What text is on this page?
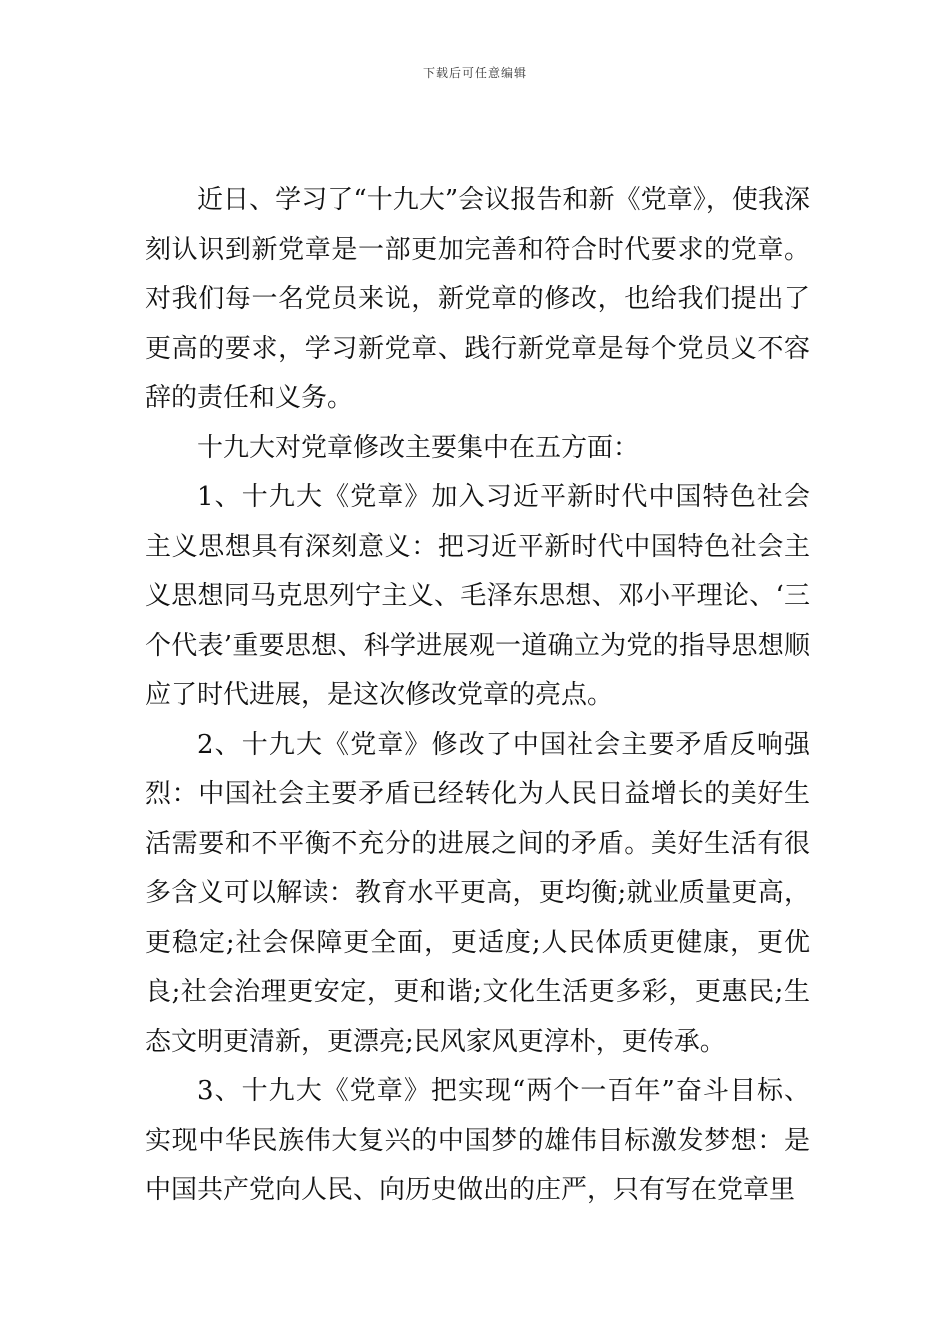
下载后可任意编辑

近日、学习了“十九大”会议报告和新《党章》，使我深刻认识到新党章是一部更加完善和符合时代要求的党章。对我们每一名党员来说，新党章的修改，也给我们提出了更高的要求，学习新党章、践行新党章是每个党员义不容辞的责任和义务。

十九大对党章修改主要集中在五方面：

1、十九大《党章》加入习近平新时代中国特色社会主义思想具有深刻意义：把习近平新时代中国特色社会主义思想同马克思列宁主义、毛泽东思想、邓小平理论、‘三个代表’重要思想、科学进展观一道确立为党的指导思想顺应了时代进展，是这次修改党章的亮点。

2、十九大《党章》修改了中国社会主要矛盾反响强烈：中国社会主要矛盾已经转化为人民日益增长的美好生活需要和不平衡不充分的进展之间的矛盾。美好生活有很多含义可以解读：教育水平更高，更均衡;就业质量更高，更稳定;社会保障更全面，更适度;人民体质更健康，更优良;社会治理更安定，更和谐;文化生活更多彩，更惠民;生态文明更清新，更漂亮;民风家风更淳朴，更传承。

3、十九大《党章》把实现“两个一百年”奋斗目标、实现中华民族伟大复兴的中国梦的雄伟目标激发梦想：是中国共产党向人民、向历史做出的庄严，只有写在党章里
